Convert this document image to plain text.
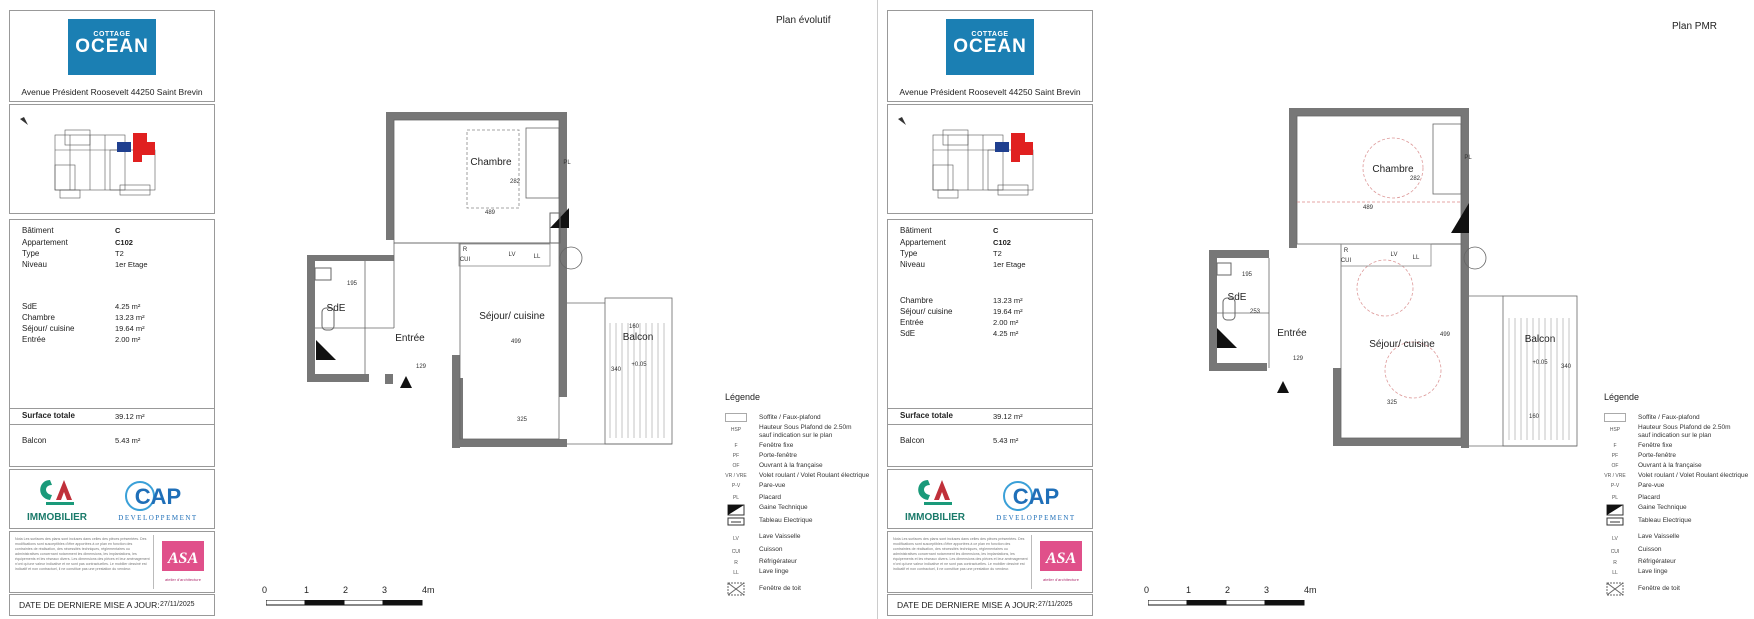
COTTAGE
OCEAN
Avenue Président Roosevelt 44250 Saint Brevin
Bâtiment	C
Appartement	C102
Type	T2
Niveau	1er Etage
SdE	4.25 m²
Chambre	13.23 m²
Séjour/ cuisine	19.64 m²
Entrée	2.00 m²
Surface totale	39.12 m²
Balcon	5.43 m²
IMMOBILIER
CAP
DEVELOPPEMENT
Nota Les surfaces des plans sont incluses dans celles des pièces présentées. Des modifications sont susceptibles d'être apportées à ce plan en fonction des contraintes de réalisation, des nécessités techniques, réglementaires ou administratives concernant notamment les dimensions, les implantations, les équipements et les réseaux divers. Les dimensions des pièces et leur aménagement n'ont qu'une valeur indicative et ne sont pas contractuelles. Le mobilier dessiné est indicatif et non contractuel, il ne constitue pas une prestation du vendeur.
ASA
atelier d'architecture
DATE DE DERNIERE MISE A JOUR: 27/11/2025
Plan évolutif
Chambre
Séjour/ cuisine
SdE
Entrée	Balcon
489
282
195
129
499
325
160
340
+0.05
PL
R
CUI
LV	LL
Légende
Soffite / Faux-plafond
HSP	Hauteur Sous Plafond de 2.50m
sauf indication sur le plan
F	Fenêtre fixe
PF	Porte-fenêtre
OF	Ouvrant à la française
VR / VRE Volet roulant / Volet Roulant électrique
P-V	Pare-vue
PL	Placard
Gaine Technique
Tableau Electrique
LV	Lave Vaisselle
CUI	Cuisson
R	Réfrigérateur
LL	Lave linge
Fenêtre de toit
0	1	2	3	4m
COTTAGE
OCEAN
Avenue Président Roosevelt 44250 Saint Brevin
Bâtiment	C
Appartement	C102
Type	T2
Niveau	1er Etage
Chambre	13.23 m²
Séjour/ cuisine	19.64 m²
Entrée	2.00 m²
SdE	4.25 m²
Surface totale	39.12 m²
Balcon	5.43 m²
IMMOBILIER
CAP
DEVELOPPEMENT
Nota Les surfaces des plans sont incluses dans celles des pièces présentées. Des modifications sont susceptibles d'être apportées à ce plan en fonction des contraintes de réalisation, des nécessités techniques, réglementaires ou administratives concernant notamment les dimensions, les implantations, les équipements et les réseaux divers. Les dimensions des pièces et leur aménagement n'ont qu'une valeur indicative et ne sont pas contractuelles. Le mobilier dessiné est indicatif et non contractuel, il ne constitue pas une prestation du vendeur.
ASA
atelier d'architecture
DATE DE DERNIERE MISE A JOUR: 27/11/2025
Plan PMR
Chambre
Séjour/ cuisine
SdE
Entrée
Balcon
489
282
195
253
129
499
325
160
340
+0.05
PL
R
CUI
LV	LL
Légende
Soffite / Faux-plafond
HSP	Hauteur Sous Plafond de 2.50m
sauf indication sur le plan
F	Fenêtre fixe
PF	Porte-fenêtre
OF	Ouvrant à la française
VR / VRE Volet roulant / Volet Roulant électrique
P-V	Pare-vue
PL	Placard
Gaine Technique
Tableau Electrique
LV	Lave Vaisselle
CUI	Cuisson
R	Réfrigérateur
LL	Lave linge
Fenêtre de toit
0	1	2	3	4m
